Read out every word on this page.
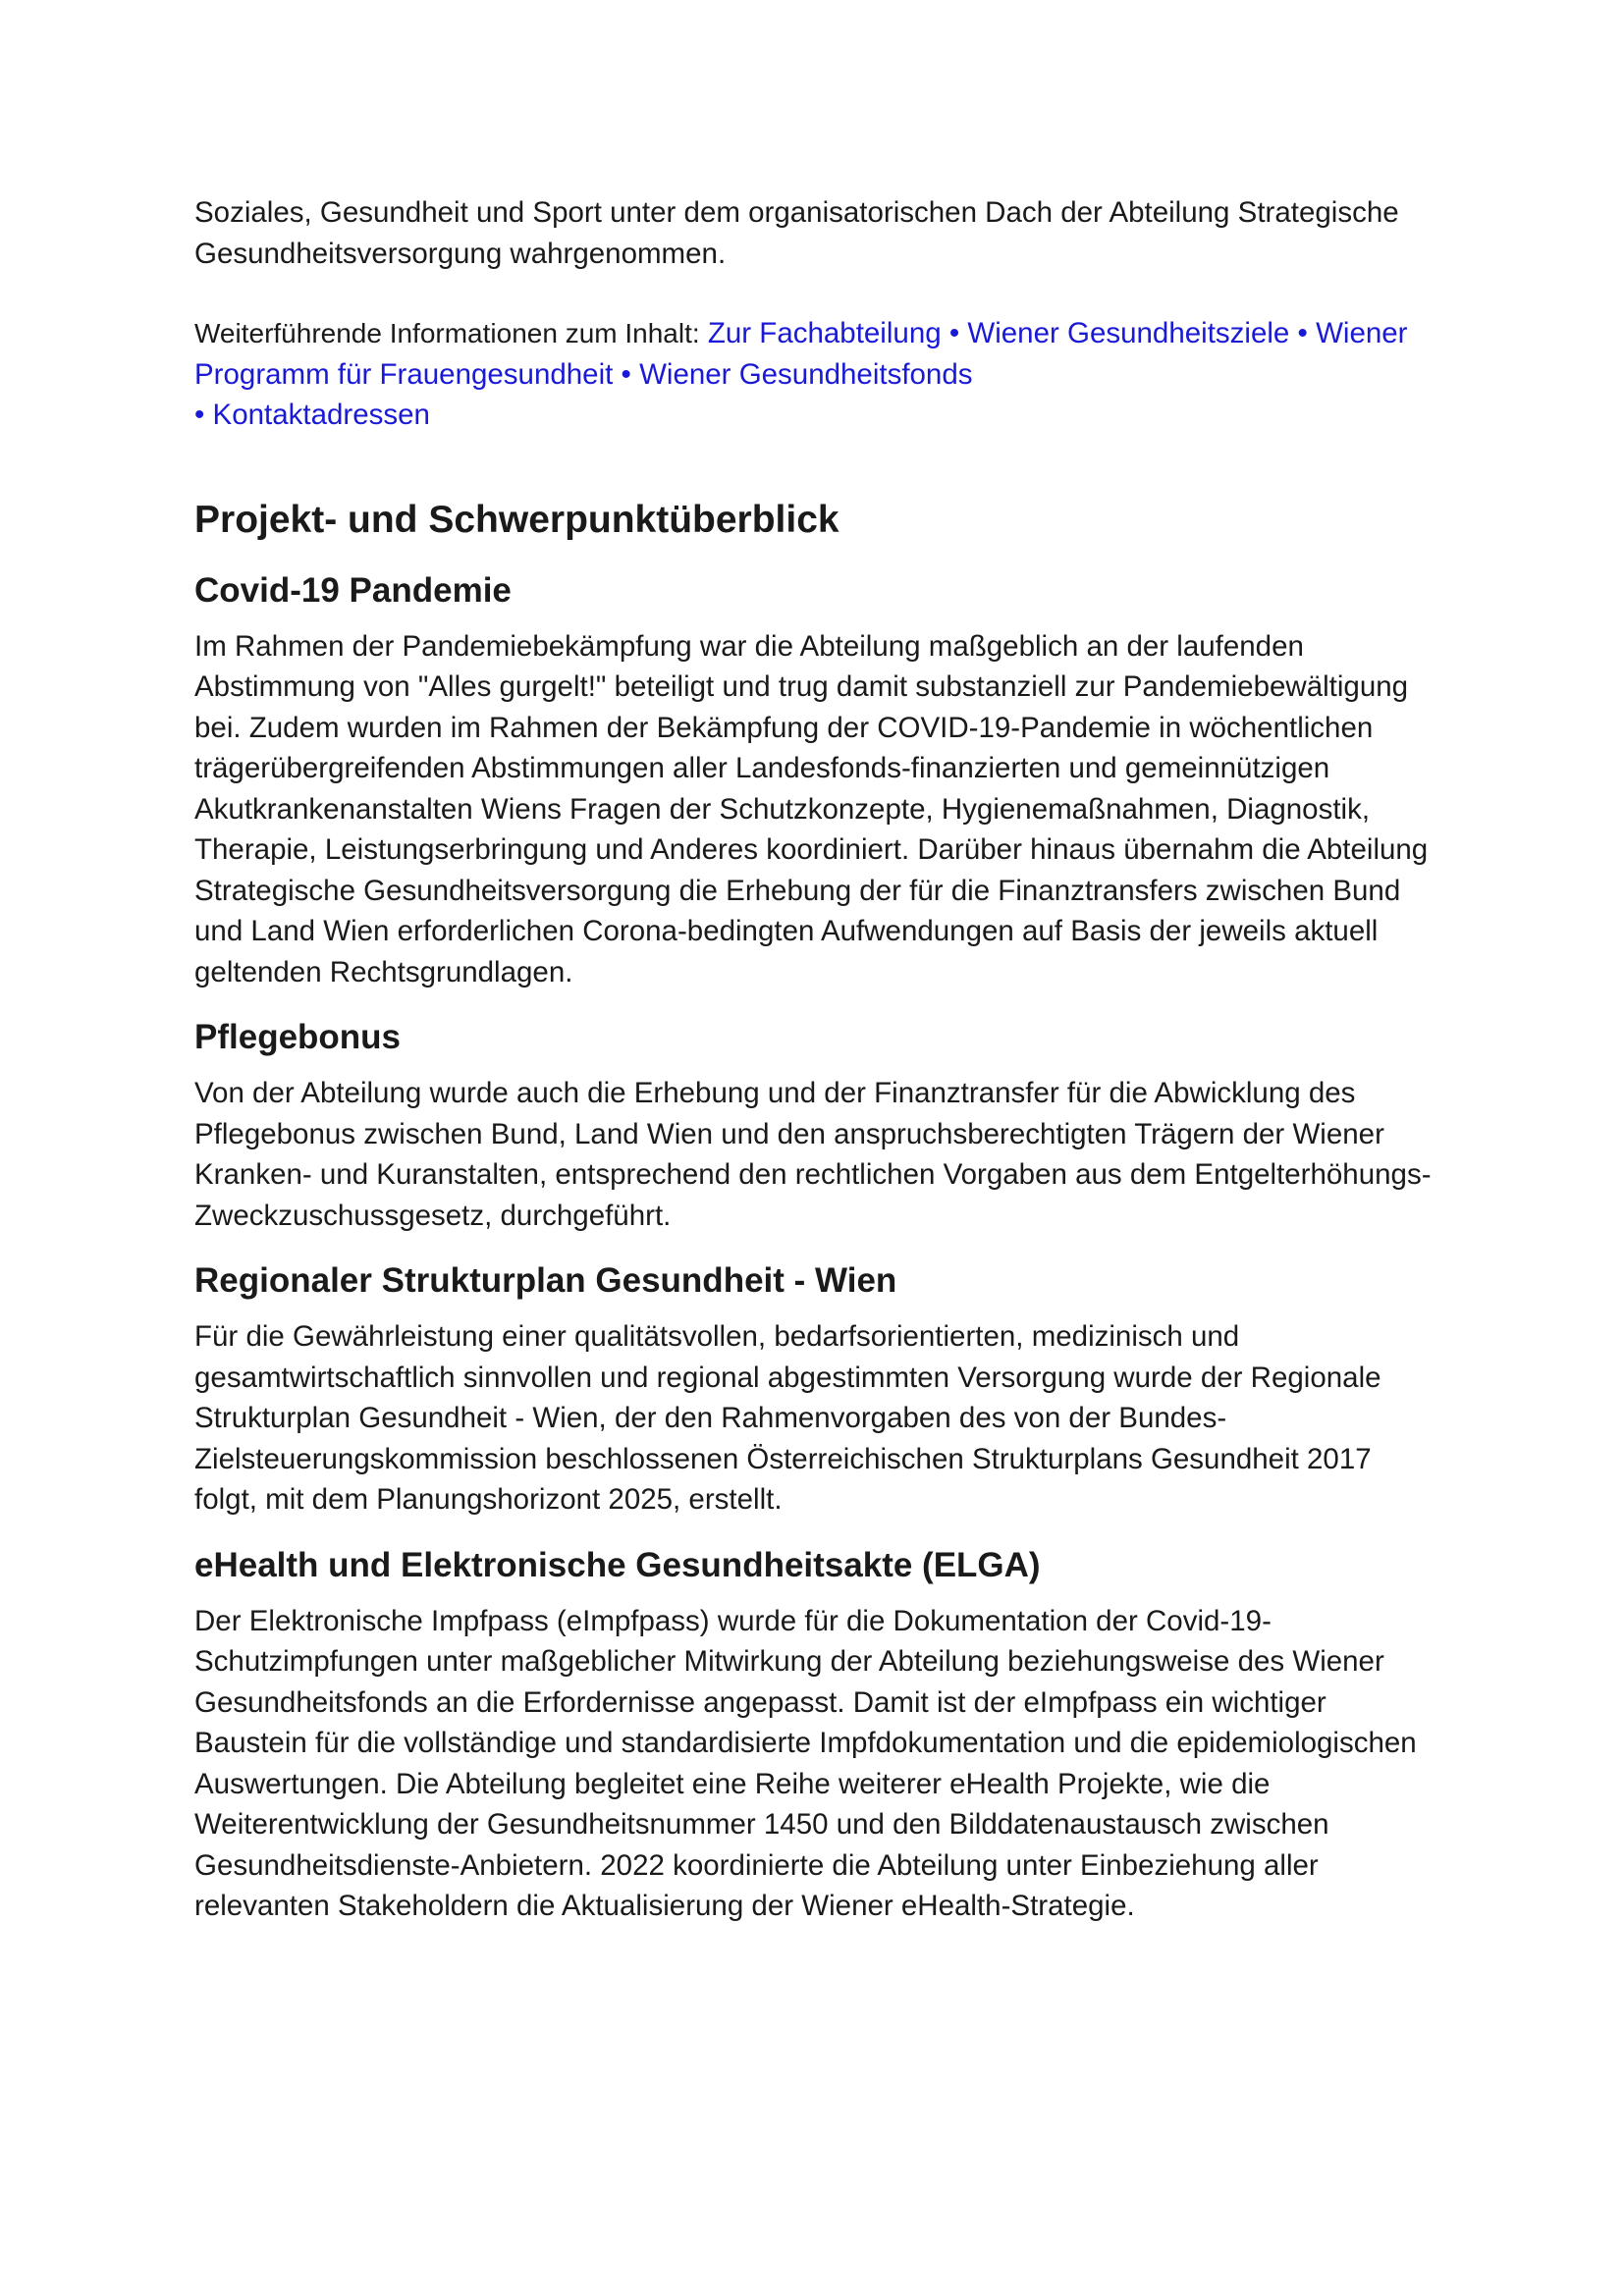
Soziales, Gesundheit und Sport unter dem organisatorischen Dach der Abteilung Strategische Gesundheitsversorgung wahrgenommen.

Weiterführende Informationen zum Inhalt: Zur Fachabteilung • Wiener Gesundheitsziele • Wiener Programm für Frauengesundheit • Wiener Gesundheitsfonds
• Kontaktadressen

Projekt- und Schwerpunktüberblick
Covid-19 Pandemie

Im Rahmen der Pandemiebekämpfung war die Abteilung maßgeblich an der laufenden Abstimmung von "Alles gurgelt!" beteiligt und trug damit substanziell zur Pandemiebewältigung bei. Zudem wurden im Rahmen der Bekämpfung der COVID-19-Pandemie in wöchentlichen trägerübergreifenden Abstimmungen aller Landesfonds-finanzierten und gemeinnützigen Akutkrankenanstalten Wiens Fragen der Schutzkonzepte, Hygienemaßnahmen, Diagnostik, Therapie, Leistungserbringung und Anderes koordiniert. Darüber hinaus übernahm die Abteilung Strategische Gesundheitsversorgung die Erhebung der für die Finanztransfers zwischen Bund und Land Wien erforderlichen Corona-bedingten Aufwendungen auf Basis der jeweils aktuell geltenden Rechtsgrundlagen.

Pflegebonus

Von der Abteilung wurde auch die Erhebung und der Finanztransfer für die Abwicklung des Pflegebonus zwischen Bund, Land Wien und den anspruchsberechtigten Trägern der Wiener Kranken- und Kuranstalten, entsprechend den rechtlichen Vorgaben aus dem Entgelterhöhungs-Zweckzuschussgesetz, durchgeführt.

Regionaler Strukturplan Gesundheit - Wien

Für die Gewährleistung einer qualitätsvollen, bedarfsorientierten, medizinisch und gesamtwirtschaftlich sinnvollen und regional abgestimmten Versorgung wurde der Regionale Strukturplan Gesundheit - Wien, der den Rahmenvorgaben des von der Bundes-Zielsteuerungskommission beschlossenen Österreichischen Strukturplans Gesundheit 2017 folgt, mit dem Planungshorizont 2025, erstellt.

eHealth und Elektronische Gesundheitsakte (ELGA)

Der Elektronische Impfpass (eImpfpass) wurde für die Dokumentation der Covid-19-Schutzimpfungen unter maßgeblicher Mitwirkung der Abteilung beziehungsweise des Wiener Gesundheitsfonds an die Erfordernisse angepasst. Damit ist der eImpfpass ein wichtiger Baustein für die vollständige und standardisierte Impfdokumentation und die epidemiologischen Auswertungen. Die Abteilung begleitet eine Reihe weiterer eHealth Projekte, wie die Weiterentwicklung der Gesundheitsnummer 1450 und den Bilddatenaustausch zwischen Gesundheitsdienste-Anbietern. 2022 koordinierte die Abteilung unter Einbeziehung aller relevanten Stakeholdern die Aktualisierung der Wiener eHealth-Strategie.
